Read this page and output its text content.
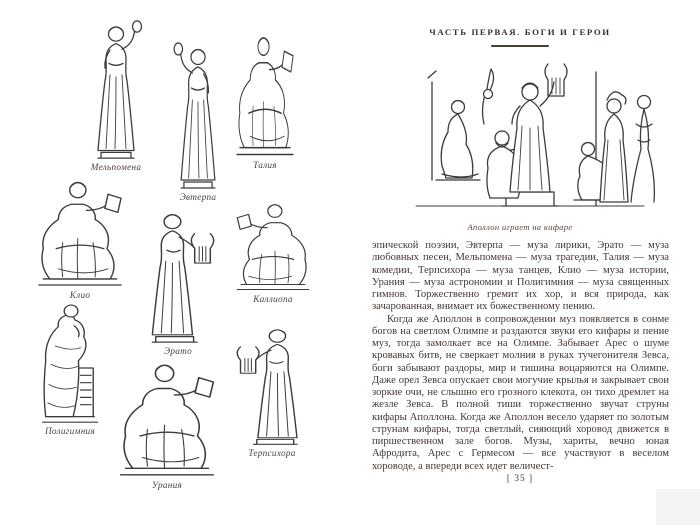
Мельпомена
Эвтерпа
Талия
Клио
Эрато
Каллиопа
Полигимния
Терпсихора
Урания
ЧАСТЬ ПЕРВАЯ. БОГИ И ГЕРОИ
Аполлон играет на кифаре

эпической поэзии, Эвтерпа — муза лирики, Эрато — муза любовных песен, Мельпомена — муза трагедии, Талия — муза комедии, Терпсихора — муза танцев, Клио — муза истории, Урания — муза астрономии и Полигимния — муза священных гимнов. Торжественно гремит их хор, и вся природа, как зачарованная, внимает их божественному пению.

Когда же Аполлон в сопровождении муз появляется в сонме богов на светлом Олимпе и раздаются звуки его кифары и пение муз, тогда замолкает все на Олимпе. Забывает Арес о шуме кровавых битв, не сверкает молния в руках тучегонителя Зевса, боги забывают раздоры, мир и тишина воцаряются на Олимпе. Даже орел Зевса опускает свои могучие крылья и закрывает свои зоркие очи, не слышно его грозного клекота, он тихо дремлет на жезле Зевса. В полной тиши торжественно звучат струны кифары Аполлона. Когда же Аполлон весело ударяет по золотым струнам кифары, тогда светлый, сияющий хоровод движется в пиршественном зале богов. Музы, хариты, вечно юная Афродита, Арес с Гермесом — все участвуют в веселом хороводе, а впереди всех идет величест-

[ 35 ]
